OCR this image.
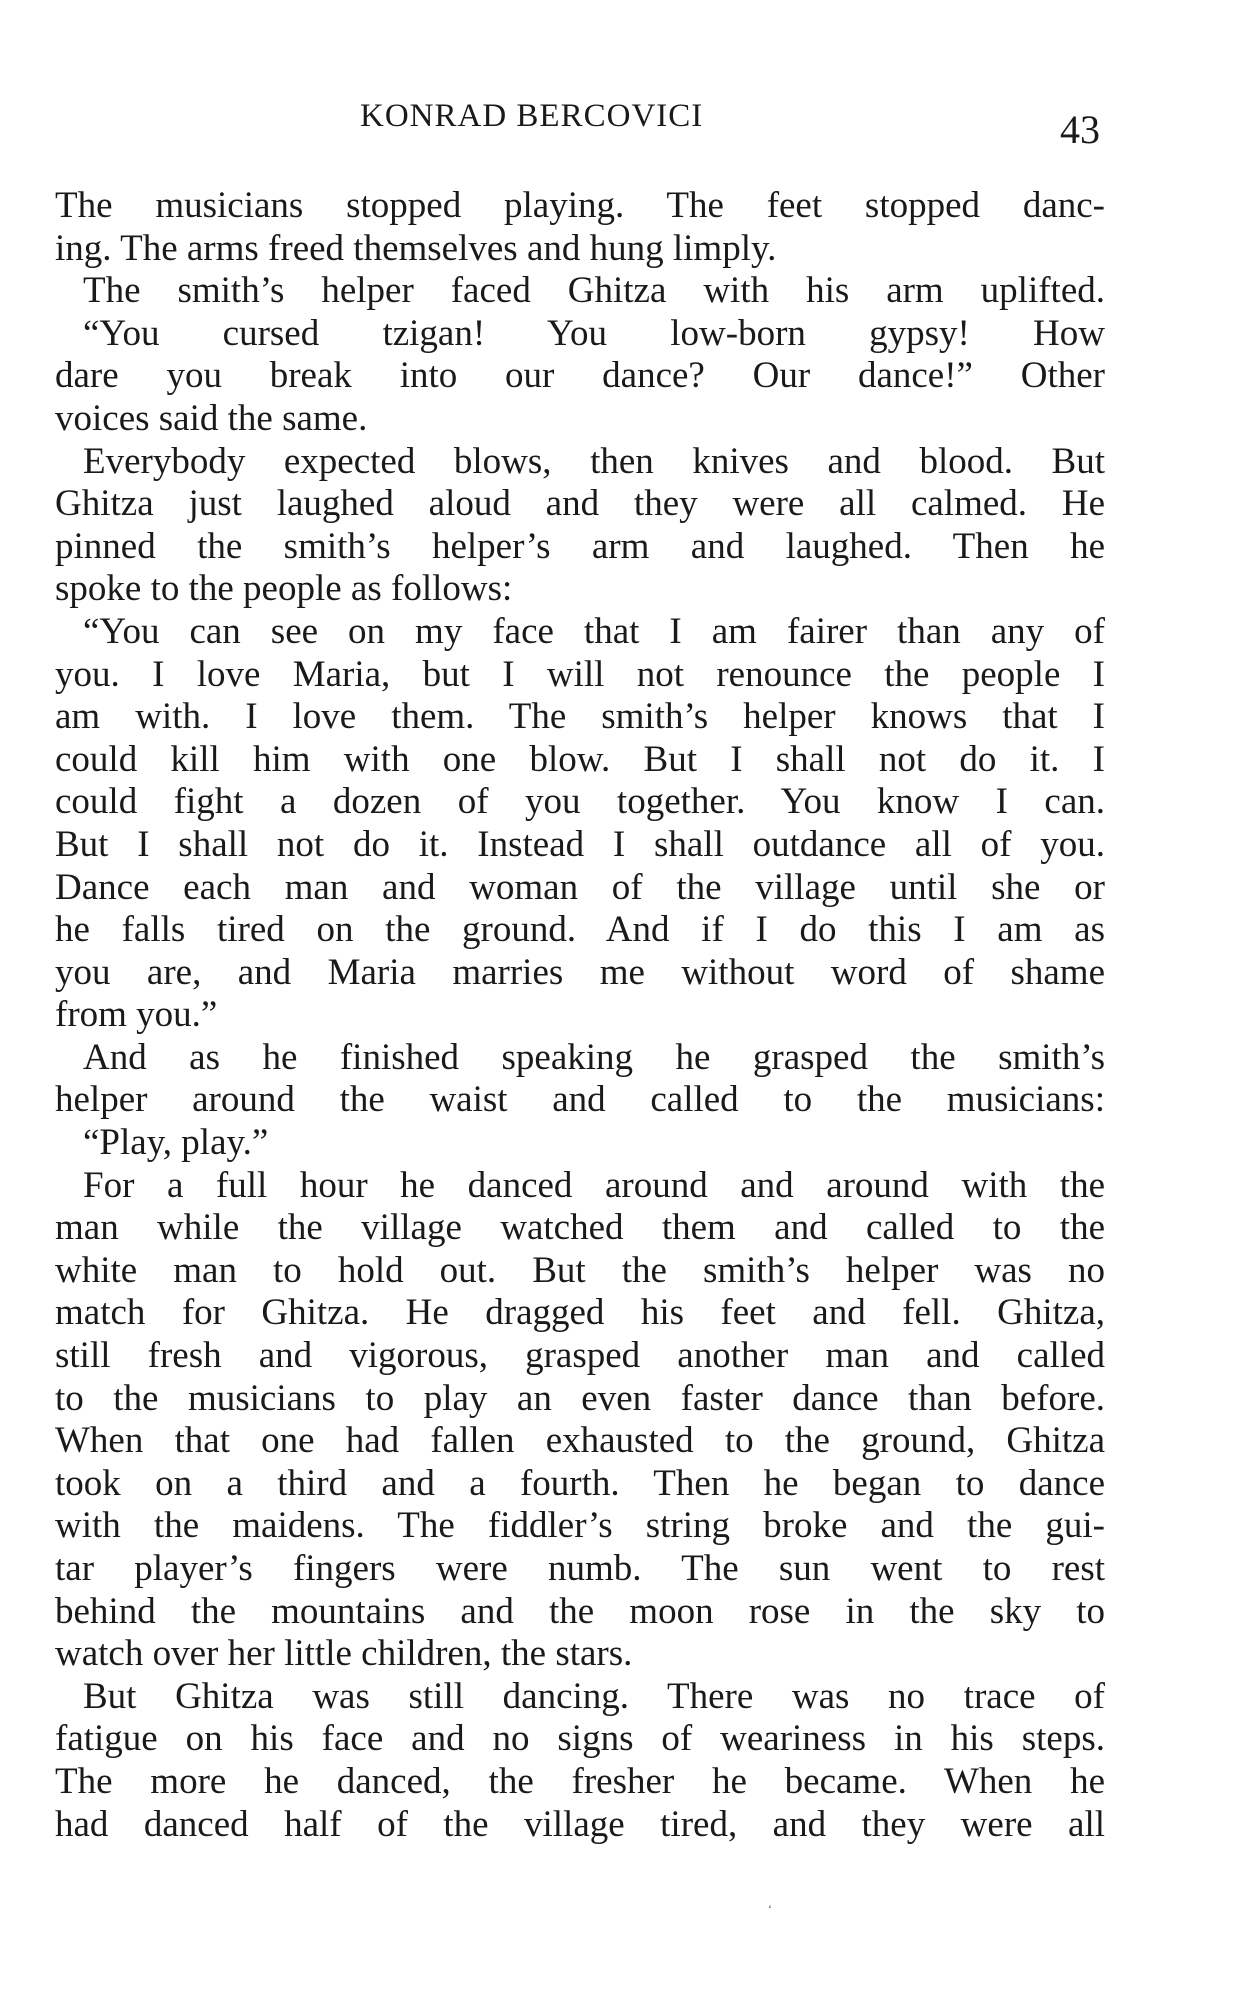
KONRAD BERCOVICI	43
The musicians stopped playing. The feet stopped danc-
ing. The arms freed themselves and hung limply.
The smith’s helper faced Ghitza with his arm uplifted.
“You cursed tzigan! You low-born gypsy! How
dare you break into our dance? Our dance!” Other
voices said the same.
Everybody expected blows, then knives and blood. But
Ghitza just laughed aloud and they were all calmed. He
pinned the smith’s helper’s arm and laughed. Then he
spoke to the people as follows:
“You can see on my face that I am fairer than any of
you. I love Maria, but I will not renounce the people I
am with. I love them. The smith’s helper knows that I
could kill him with one blow. But I shall not do it. I
could fight a dozen of you together. You know I can.
But I shall not do it. Instead I shall outdance all of you.
Dance each man and woman of the village until she or
he falls tired on the ground. And if I do this I am as
you are, and Maria marries me without word of shame
from you.”
And as he finished speaking he grasped the smith’s
helper around the waist and called to the musicians:
“Play, play.”
For a full hour he danced around and around with the
man while the village watched them and called to the
white man to hold out. But the smith’s helper was no
match for Ghitza. He dragged his feet and fell. Ghitza,
still fresh and vigorous, grasped another man and called
to the musicians to play an even faster dance than before.
When that one had fallen exhausted to the ground, Ghitza
took on a third and a fourth. Then he began to dance
with the maidens. The fiddler’s string broke and the gui-
tar player’s fingers were numb. The sun went to rest
behind the mountains and the moon rose in the sky to
watch over her little children, the stars.
But Ghitza was still dancing. There was no trace of
fatigue on his face and no signs of weariness in his steps.
The more he danced, the fresher he became. When he
had danced half of the village tired, and they were all
‘
